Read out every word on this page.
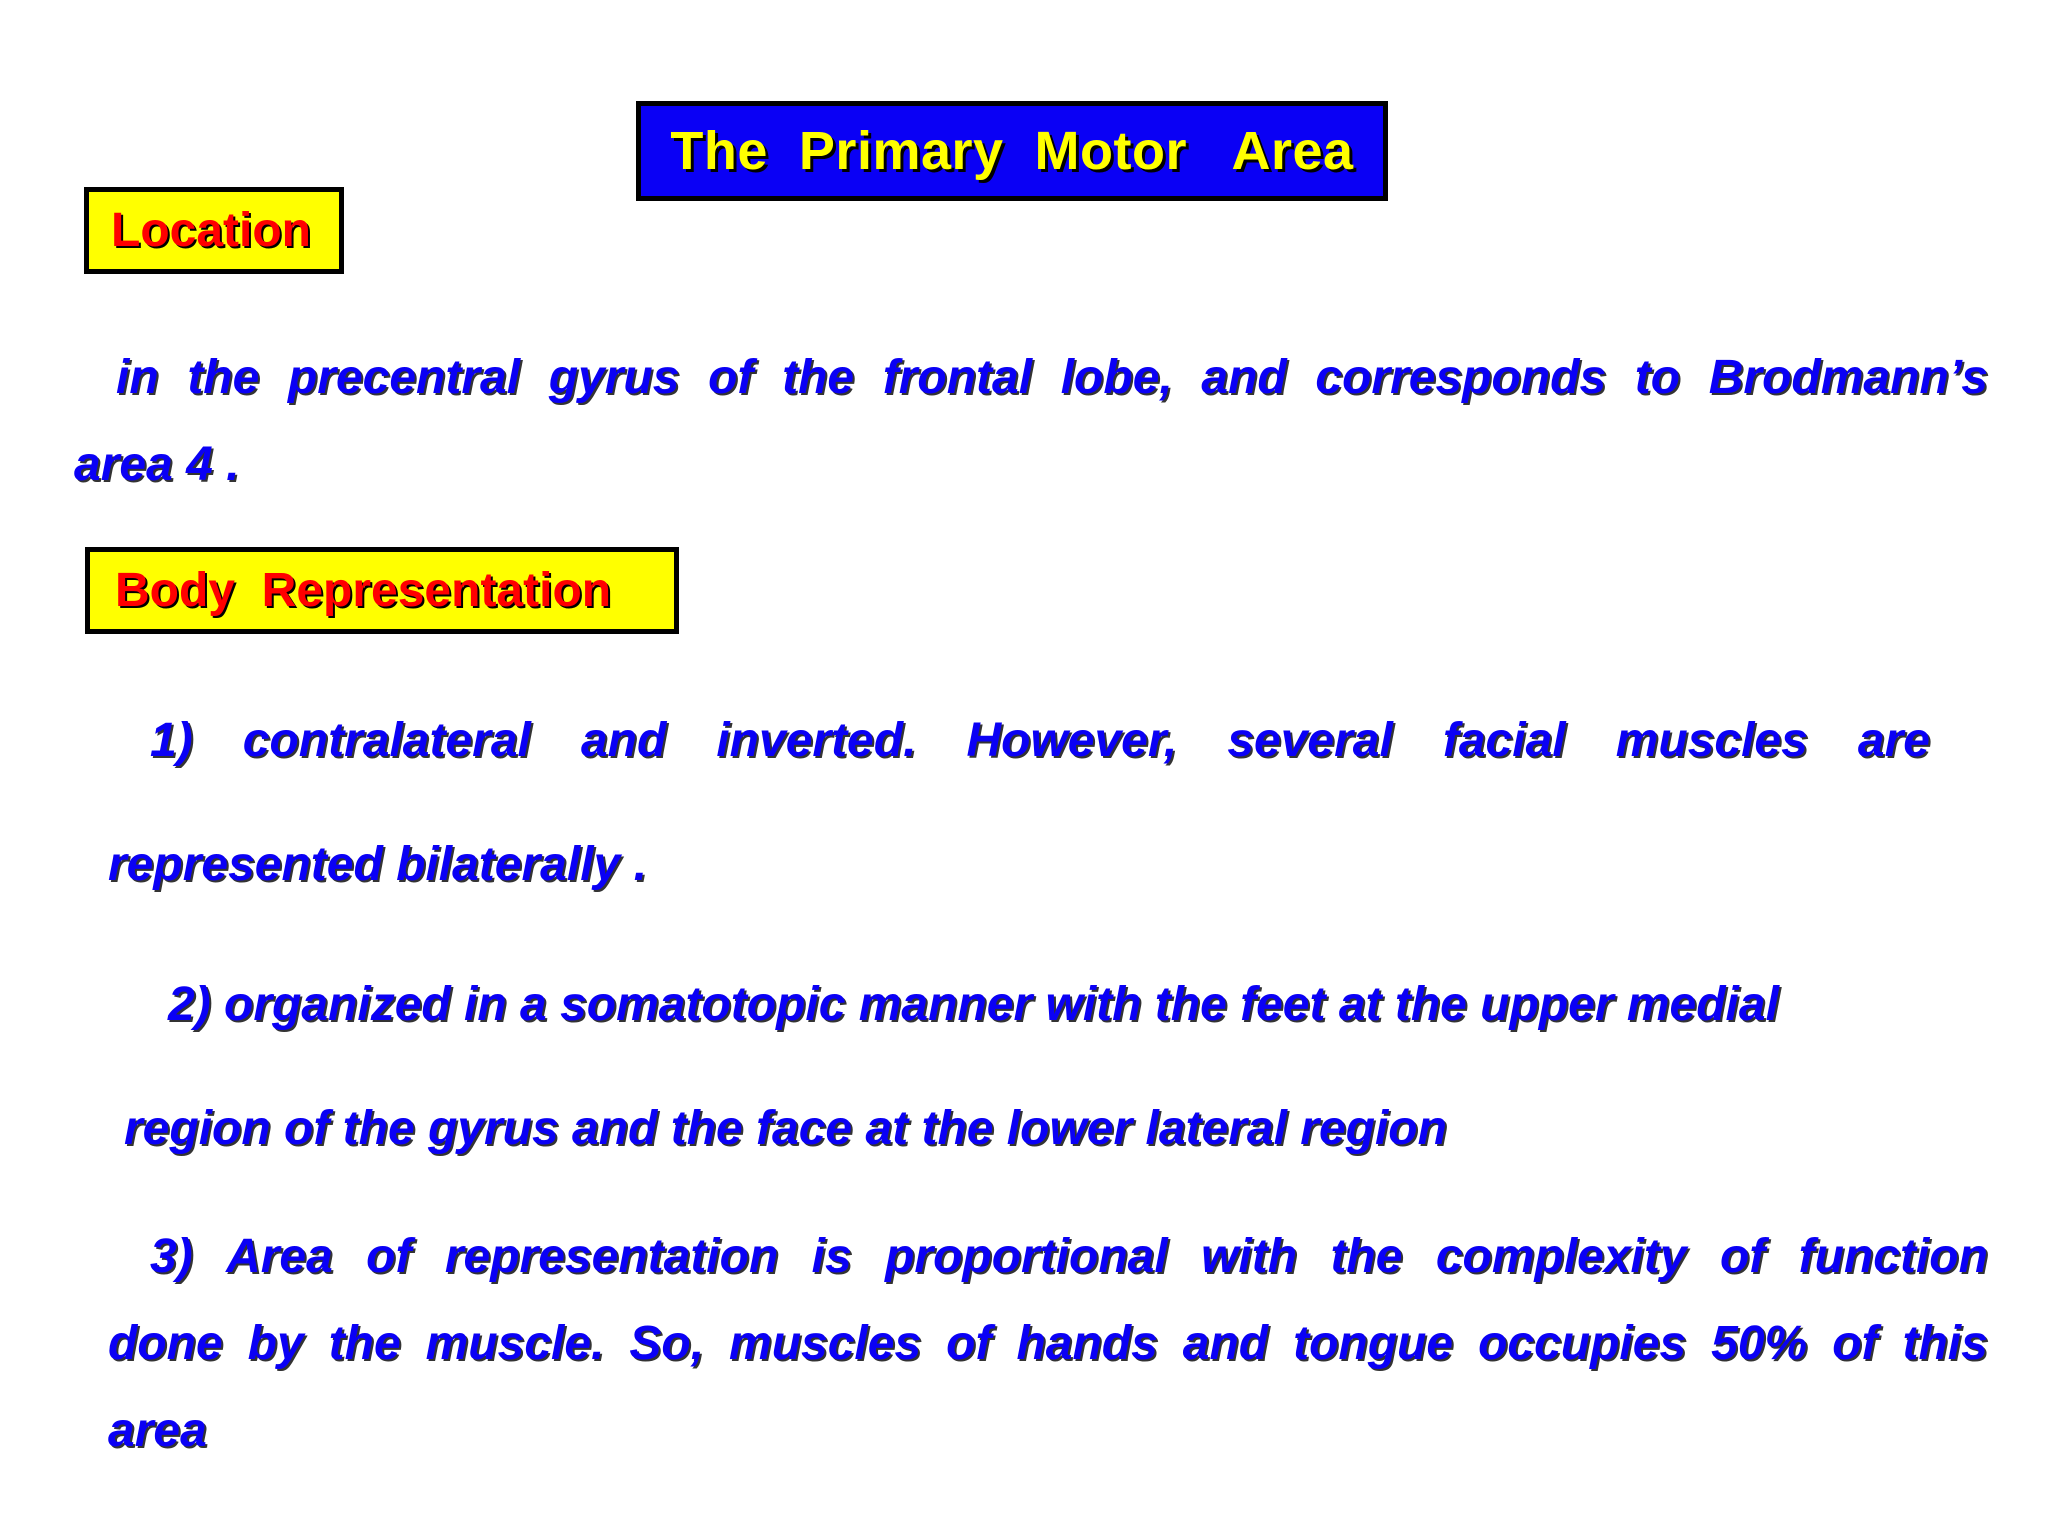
The  Primary  Motor   Area
Location
in the precentral gyrus of the frontal lobe, and corresponds to Brodmann’s
area 4 .
Body  Representation
1) contralateral and inverted. However, several facial muscles are
represented bilaterally .
2) organized in a somatotopic manner with the feet at the upper medial
region of the gyrus and the face at the lower lateral region
3) Area of representation is proportional with the complexity of function
done by the muscle. So, muscles of hands and tongue occupies 50% of this
area
